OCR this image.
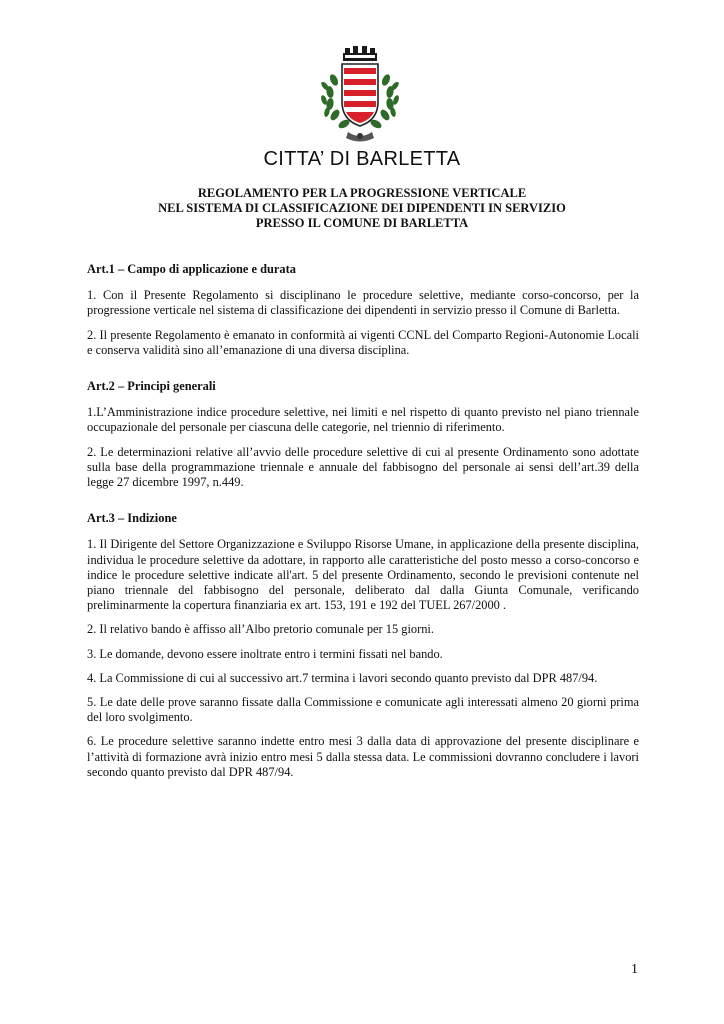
CITTA’ DI BARLETTA
REGOLAMENTO PER LA PROGRESSIONE VERTICALE
NEL SISTEMA DI CLASSIFICAZIONE DEI DIPENDENTI IN SERVIZIO
PRESSO IL COMUNE DI BARLETTA
Art.1 – Campo di applicazione e durata
1. Con il Presente Regolamento si disciplinano le procedure selettive, mediante corso-concorso, per la progressione verticale nel sistema di classificazione dei dipendenti in servizio presso il Comune di Barletta.
2. Il presente Regolamento è emanato in conformità ai vigenti CCNL del Comparto Regioni-Autonomie Locali e conserva validità sino all’emanazione di una diversa disciplina.
Art.2 – Principi generali
1.L’Amministrazione indice procedure selettive, nei limiti e nel rispetto di quanto previsto nel piano triennale occupazionale del personale per ciascuna delle categorie, nel triennio di riferimento.
2. Le determinazioni relative all’avvio delle procedure selettive di cui al presente Ordinamento sono adottate sulla base della programmazione triennale e annuale del fabbisogno del personale ai sensi dell’art.39 della legge 27 dicembre 1997, n.449.
Art.3 – Indizione
1. Il Dirigente del Settore Organizzazione e Sviluppo Risorse Umane, in applicazione della presente disciplina, individua le procedure selettive da adottare, in rapporto alle caratteristiche del posto messo a corso-concorso e indice le procedure selettive indicate all'art. 5 del presente Ordinamento, secondo le previsioni contenute nel piano triennale del fabbisogno del personale, deliberato dal dalla Giunta Comunale, verificando preliminarmente la copertura finanziaria ex art. 153, 191 e 192 del TUEL 267/2000 .
2. Il relativo bando è affisso all’Albo pretorio comunale per 15 giorni.
3. Le domande, devono essere inoltrate entro i termini fissati nel bando.
4. La Commissione di cui al successivo art.7 termina i lavori secondo quanto previsto dal DPR 487/94.
5. Le date delle prove saranno fissate dalla Commissione e comunicate agli interessati almeno 20 giorni prima del loro svolgimento.
6. Le procedure selettive saranno indette entro mesi 3 dalla data di approvazione del presente disciplinare e l’attività di formazione avrà inizio entro mesi 5 dalla stessa data. Le commissioni dovranno concludere i lavori secondo quanto previsto dal DPR 487/94.
1
